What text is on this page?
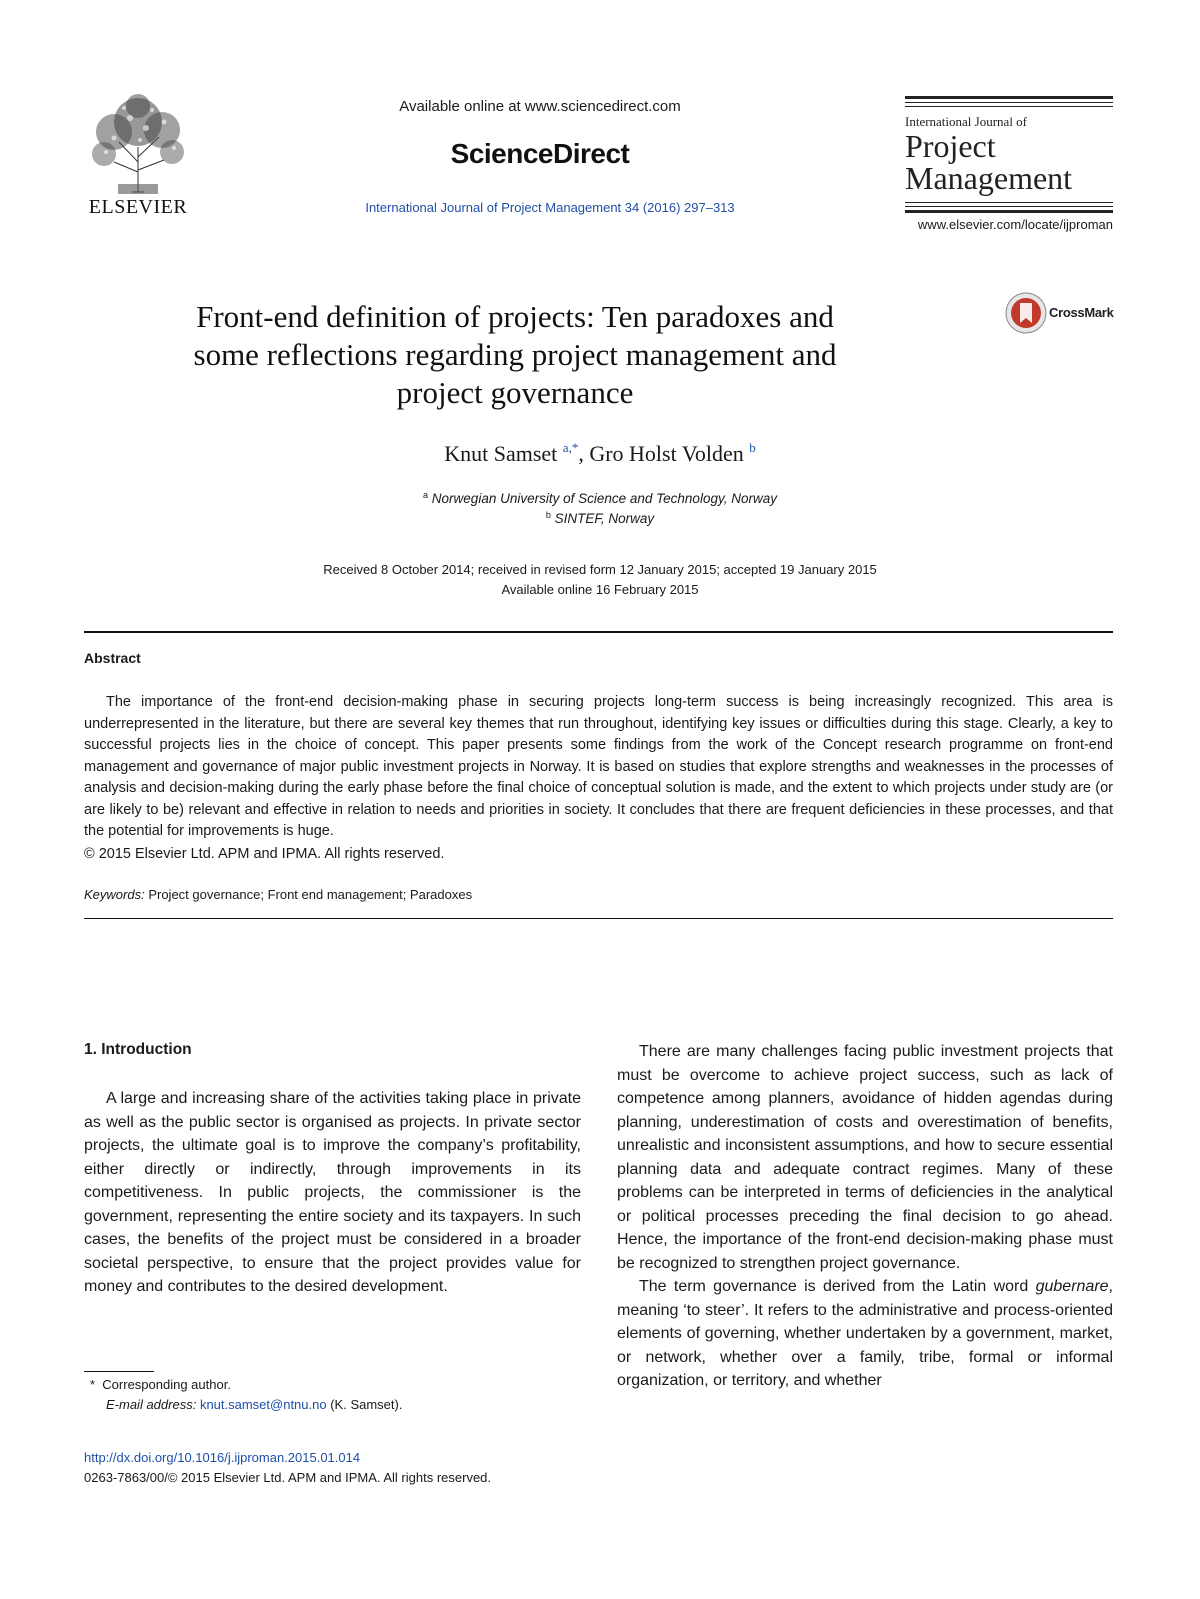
ELSEVIER
Available online at www.sciencedirect.com
ScienceDirect
International Journal of Project Management 34 (2016) 297–313
International Journal of
Project
Management
www.elsevier.com/locate/ijproman
Front-end definition of projects: Ten paradoxes and
some reflections regarding project management and
project governance
CrossMark
Knut Samset $^{a,*}$, Gro Holst Volden $^b$
$^a$ Norwegian University of Science and Technology, Norway
$^b$ SINTEF, Norway
Received 8 October 2014; received in revised form 12 January 2015; accepted 19 January 2015
Available online 16 February 2015
Abstract
The importance of the front-end decision-making phase in securing projects long-term success is being increasingly recognized. This area is underrepresented in the literature, but there are several key themes that run throughout, identifying key issues or difficulties during this stage. Clearly, a key to successful projects lies in the choice of concept. This paper presents some findings from the work of the Concept research programme on front-end management and governance of major public investment projects in Norway. It is based on studies that explore strengths and weaknesses in the processes of analysis and decision-making during the early phase before the final choice of conceptual solution is made, and the extent to which projects under study are (or are likely to be) relevant and effective in relation to needs and priorities in society. It concludes that there are frequent deficiencies in these processes, and that the potential for improvements is huge.
© 2015 Elsevier Ltd. APM and IPMA. All rights reserved.
Keywords: Project governance; Front end management; Paradoxes
1. Introduction

A large and increasing share of the activities taking place in private as well as the public sector is organised as projects. In private sector projects, the ultimate goal is to improve the company’s profitability, either directly or indirectly, through improvements in its competitiveness. In public projects, the commissioner is the government, representing the entire society and its taxpayers. In such cases, the benefits of the project must be considered in a broader societal perspective, to ensure that the project provides value for money and contributes to the desired development.

There are many challenges facing public investment projects that must be overcome to achieve project success, such as lack of competence among planners, avoidance of hidden agendas during planning, underestimation of costs and overestimation of benefits, unrealistic and inconsistent assumptions, and how to secure essential planning data and adequate contract regimes. Many of these problems can be interpreted in terms of deficiencies in the analytical or political processes preceding the final decision to go ahead. Hence, the importance of the front-end decision-making phase must be recognized to strengthen project governance.

The term governance is derived from the Latin word gubernare, meaning ‘to steer’. It refers to the administrative and process-oriented elements of governing, whether undertaken by a government, market, or network, whether over a family, tribe, formal or informal organization, or territory, and whether

* Corresponding author.
E-mail address: knut.samset@ntnu.no (K. Samset).
http://dx.doi.org/10.1016/j.ijproman.2015.01.014
0263-7863/00/© 2015 Elsevier Ltd. APM and IPMA. All rights reserved.
